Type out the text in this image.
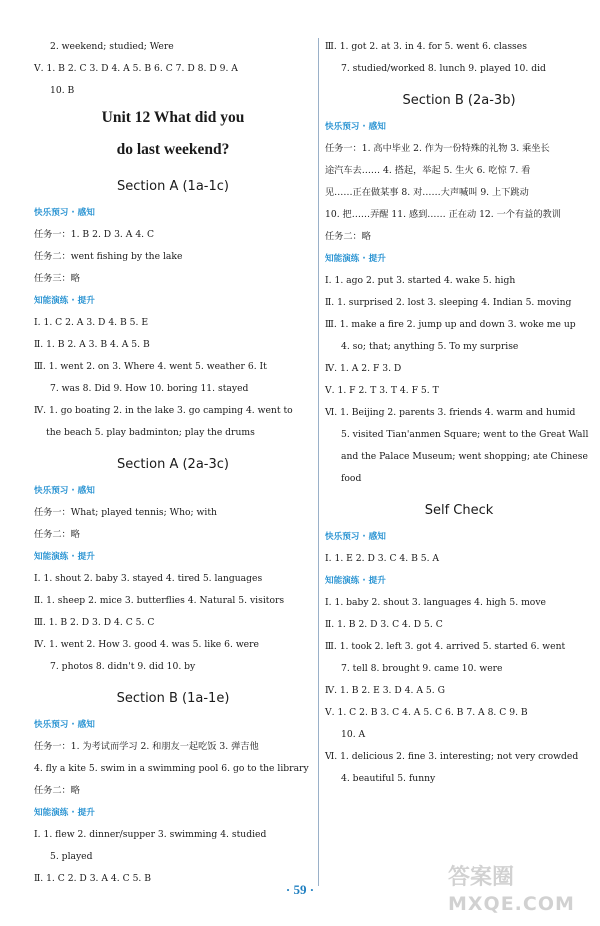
2. weekend; studied; Were
Ⅴ. 1. B 2. C 3. D 4. A 5. B 6. C 7. D 8. D 9. A
10. B
Unit 12 What did you
do last weekend?
Section A (1a-1c)
快乐预习 · 感知
任务一：1. B 2. D 3. A 4. C
任务二：went fishing by the lake
任务三：略
知能演练 · 提升
Ⅰ. 1. C 2. A 3. D 4. B 5. E
Ⅱ. 1. B 2. A 3. B 4. A 5. B
Ⅲ. 1. went 2. on 3. Where 4. went 5. weather 6. It
7. was 8. Did 9. How 10. boring 11. stayed
Ⅳ. 1. go boating 2. in the lake 3. go camping 4. went to
the beach 5. play badminton; play the drums
Section A (2a-3c)
快乐预习 · 感知
任务一：What; played tennis; Who; with
任务二：略
知能演练 · 提升
Ⅰ. 1. shout 2. baby 3. stayed 4. tired 5. languages
Ⅱ. 1. sheep 2. mice 3. butterflies 4. Natural 5. visitors
Ⅲ. 1. B 2. D 3. D 4. C 5. C
Ⅳ. 1. went 2. How 3. good 4. was 5. like 6. were
7. photos 8. didn't 9. did 10. by
Section B (1a-1e)
快乐预习 · 感知
任务一：1. 为考试而学习 2. 和朋友一起吃饭 3. 弹吉他
4. fly a kite 5. swim in a swimming pool 6. go to the library
任务二：略
知能演练 · 提升
Ⅰ. 1. flew 2. dinner/supper 3. swimming 4. studied
5. played
Ⅱ. 1. C 2. D 3. A 4. C 5. B
Ⅲ. 1. got 2. at 3. in 4. for 5. went 6. classes
7. studied/worked 8. lunch 9. played 10. did
Section B (2a-3b)
快乐预习 · 感知
任务一：1. 高中毕业 2. 作为一份特殊的礼物 3. 乘坐长
途汽车去…… 4. 搭起，举起 5. 生火 6. 吃惊 7. 看
见……正在做某事 8. 对……大声喊叫 9. 上下跳动
10. 把……弄醒 11. 感到…… 正在动 12. 一个有益的教训
任务二：略
知能演练 · 提升
Ⅰ. 1. ago 2. put 3. started 4. wake 5. high
Ⅱ. 1. surprised 2. lost 3. sleeping 4. Indian 5. moving
Ⅲ. 1. make a fire 2. jump up and down 3. woke me up
4. so; that; anything 5. To my surprise
Ⅳ. 1. A 2. F 3. D
Ⅴ. 1. F 2. T 3. T 4. F 5. T
Ⅵ. 1. Beijing 2. parents 3. friends 4. warm and humid
5. visited Tian'anmen Square; went to the Great Wall
and the Palace Museum; went shopping; ate Chinese
food
Self Check
快乐预习 · 感知
Ⅰ. 1. E 2. D 3. C 4. B 5. A
知能演练 · 提升
Ⅰ. 1. baby 2. shout 3. languages 4. high 5. move
Ⅱ. 1. B 2. D 3. C 4. D 5. C
Ⅲ. 1. took 2. left 3. got 4. arrived 5. started 6. went
7. tell 8. brought 9. came 10. were
Ⅳ. 1. B 2. E 3. D 4. A 5. G
Ⅴ. 1. C 2. B 3. C 4. A 5. C 6. B 7. A 8. C 9. B
10. A
Ⅵ. 1. delicious 2. fine 3. interesting; not very crowded
4. beautiful 5. funny
· 59 ·	答案圈
MXQE.COM
